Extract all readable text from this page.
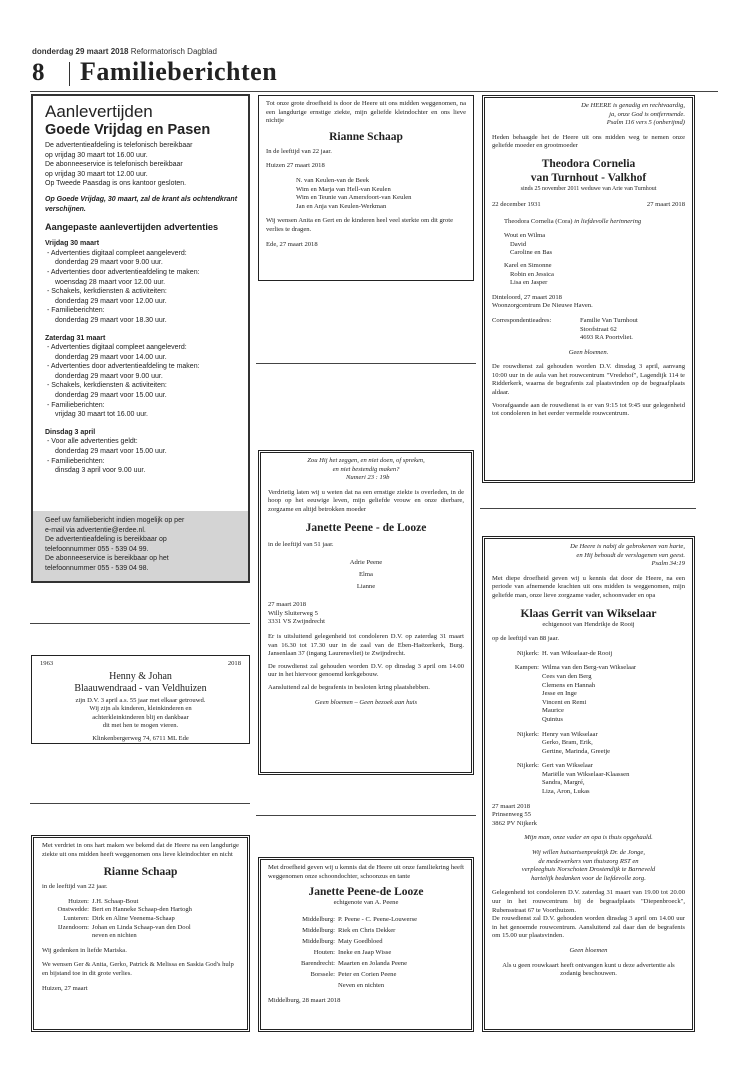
donderdag 29 maart 2018 Reformatorisch Dagblad
8 Familieberichten
Aanlevertijden
Goede Vrijdag en Pasen
De advertentieafdeling is telefonisch bereikbaar
op vrijdag 30 maart tot 16.00 uur.
De abonneeservice is telefonisch bereikbaar
op vrijdag 30 maart tot 12.00 uur.
Op Tweede Paasdag is ons kantoor gesloten.
Op Goede Vrijdag, 30 maart, zal de krant als ochtendkrant verschijnen.
Aangepaste aanlevertijden advertenties
Vrijdag 30 maart
- Advertenties digitaal compleet aangeleverd:
donderdag 29 maart voor 9.00 uur.
- Advertenties door advertentieafdeling te maken:
woensdag 28 maart voor 12.00 uur.
- Schakels, kerkdiensten & activiteiten:
donderdag 29 maart voor 12.00 uur.
- Familieberichten:
donderdag 29 maart voor 18.30 uur.
Zaterdag 31 maart
- Advertenties digitaal compleet aangeleverd:
donderdag 29 maart voor 14.00 uur.
- Advertenties door advertentieafdeling te maken:
donderdag 29 maart voor 9.00 uur.
- Schakels, kerkdiensten & activiteiten:
donderdag 29 maart voor 15.00 uur.
- Familieberichten:
vrijdag 30 maart tot 16.00 uur.
Dinsdag 3 april
- Voor alle advertenties geldt:
donderdag 29 maart voor 15.00 uur.
- Familieberichten:
dinsdag 3 april voor 9.00 uur.
Geef uw familiebericht indien mogelijk op per
e-mail via advertentie@erdee.nl.
De advertentieafdeling is bereikbaar op
telefoonnummer 055 - 539 04 99.
De abonneeservice is bereikbaar op het
telefoonnummer 055 - 539 04 98.
1963	2018
Henny & Johan
Blaauwendraad - van Veldhuizen
zijn D.V. 3 april a.s. 55 jaar met elkaar getrouwd.
Wij zijn als kinderen, kleinkinderen en
achterkleinkinderen blij en dankbaar
dit met hen te mogen vieren.
Klinkenbergerweg 74, 6711 ML Ede
Met verdriet in ons hart maken we bekend dat de Heere na een langdurige ziekte uit ons midden heeft weggenomen ons lieve kleindochter en nicht
Rianne Schaap
in de leeftijd van 22 jaar.
Huizen: J.H. Schaap-Bout
Onstwedde: Bert en Hanneke Schaap-den Hartogh
Lunteren: Dirk en Aline Veenema-Schaap
IJzendoorn: Johan en Linda Schaap-van den Dool
neven en nichten
Wij gedenken in liefde Mariska.
We wensen Ger & Anita, Gerko, Patrick & Melissa en Saskia God's hulp en bijstand toe in dit grote verlies.
Huizen, 27 maart
Tot onze grote droefheid is door de Heere uit ons midden weggenomen, na een langdurige ernstige ziekte, mijn geliefde kleindochter en ons lieve nichtje
Rianne Schaap
In de leeftijd van 22 jaar.
Huizen 27 maart 2018
N. van Keulen-van de Beek
Wim en Marja van Hell-van Keulen
Wim en Teunie van Amersfoort-van Keulen
Jan en Anja van Keulen-Werkman
Wij wensen Anita en Gert en de kinderen heel veel sterkte om dit grote verlies te dragen.
Ede, 27 maart 2018
Zou Hij het zeggen, en niet doen, of spreken,
en niet bestendig maken?
Numeri 23 : 19b
Verdrietig laten wij u weten dat na een ernstige ziekte is overleden, in de hoop op het eeuwige leven, mijn geliefde vrouw en onze dierbare, zorgzame en altijd betrokken moeder
Janette Peene - de Looze
in de leeftijd van 51 jaar.
Adrie Peene
Elma
Lianne
27 maart 2018
Willy Sluiterweg 5
3331 VS Zwijndrecht
Er is uitsluitend gelegenheid tot condoleren D.V. op zaterdag 31 maart van 16.30 tot 17.30 uur in de zaal van de Eben-Haëzerkerk, Burg. Jansenlaan 37 (ingang Laurensvliet) te Zwijndrecht.
De rouwdienst zal gehouden worden D.V. op dinsdag 3 april om 14.00 uur in het hiervoor genoemd kerkgebouw.
Aansluitend zal de begrafenis in besloten kring plaatshebben.
Geen bloemen – Geen bezoek aan huis
Met droefheid geven wij u kennis dat de Heere uit onze familiekring heeft weggenomen onze schoondochter, schoonzus en tante
Janette Peene-de Looze
echtgenote van A. Peene
Middelburg: P. Peene - C. Peene-Louwerse
Middelburg: Riek en Chris Dekker
Middelburg: Maty Goedbloed
Houten: Ineke en Jaap Wisse
Barendrecht: Maarten en Jolanda Peene
Borssele: Peter en Corien Peene
Neven en nichten
Middelburg, 28 maart 2018
De HEERE is genadig en rechtvaardig,
ja, onze God is ontfermende.
Psalm 116 vers 5 (onberijmd)
Heden behaagde het de Heere uit ons midden weg te nemen onze geliefde moeder en grootmoeder
Theodora Cornelia
van Turnhout - Valkhof
sinds 25 november 2011 weduwe van Arie van Turnhout
22 december 1931	27 maart 2018
Theodora Cornelia (Cora) in liefdevolle herinnering
Wout en Wilma
David
Caroline en Bas
Karel en Simonne
Robin en Jessica
Lisa en Jasper
Dinteloord, 27 maart 2018
Woonzorgcentrum De Nieuwe Haven.
Correspondentieadres:	Familie Van Turnhout
Stoofstraat 62
4693 RA Poortvliet.
Geen bloemen.
De rouwdienst zal gehouden worden D.V. dinsdag 3 april, aanvang 10:00 uur in de aula van het rouwcentrum "Vredehof", Lagendijk 114 te Ridderkerk, waarna de begrafenis zal plaatsvinden op de begraafplaats aldaar.
Voorafgaande aan de rouwdienst is er van 9:15 tot 9:45 uur gelegenheid tot condoleren in het eerder vermelde rouwcentrum.
De Heere is nabij de gebrokenen van harte,
en Hij behoudt de verslagenen van geest.
Psalm 34:19
Met diepe droefheid geven wij u kennis dat door de Heere, na een periode van afnemende krachten uit ons midden is weggenomen, mijn geliefde man, onze lieve zorgzame vader, schoonvader en opa
Klaas Gerrit van Wikselaar
echtgenoot van Hendrikje de Rooij
op de leeftijd van 88 jaar.
Nijkerk: H. van Wikselaar-de Rooij
Kampen: Wilma van den Berg-van Wikselaar
Cees van den Berg
Clemens en Hannah
Jesse en Inge
Vincent en Remi
Maurice
Quintus
Nijkerk: Henry van Wikselaar
Gerko, Bram, Erik,
Gertine, Marinda, Greetje
Nijkerk: Gert van Wikselaar
Mariëlle van Wikselaar-Klaassen
Sandra, Margré,
Liza, Aron, Lukas
27 maart 2018
Prinsenweg 55
3862 PV Nijkerk
Mijn man, onze vader en opa is thuis opgehaald.
Wij willen huisartsenpraktijk Dr. de Jonge,
de medewerkers van thuiszorg RST en
verpleeghuis Norschoten Drostendijk te Barneveld
hartelijk bedanken voor de liefdevolle zorg.
Gelegenheid tot condoleren D.V. zaterdag 31 maart van 19.00 tot 20.00 uur in het rouwcentrum bij de begraafplaats "Diepenbroeck", Rubensstraat 67 te Voorthuizen.
De rouwdienst zal D.V. gehouden worden dinsdag 3 april om 14.00 uur in het genoemde rouwcentrum. Aansluitend zal daar dan de begrafenis om 15.00 uur plaatsvinden.
Geen bloemen
Als u geen rouwkaart heeft ontvangen kunt u deze advertentie als zodanig beschouwen.
